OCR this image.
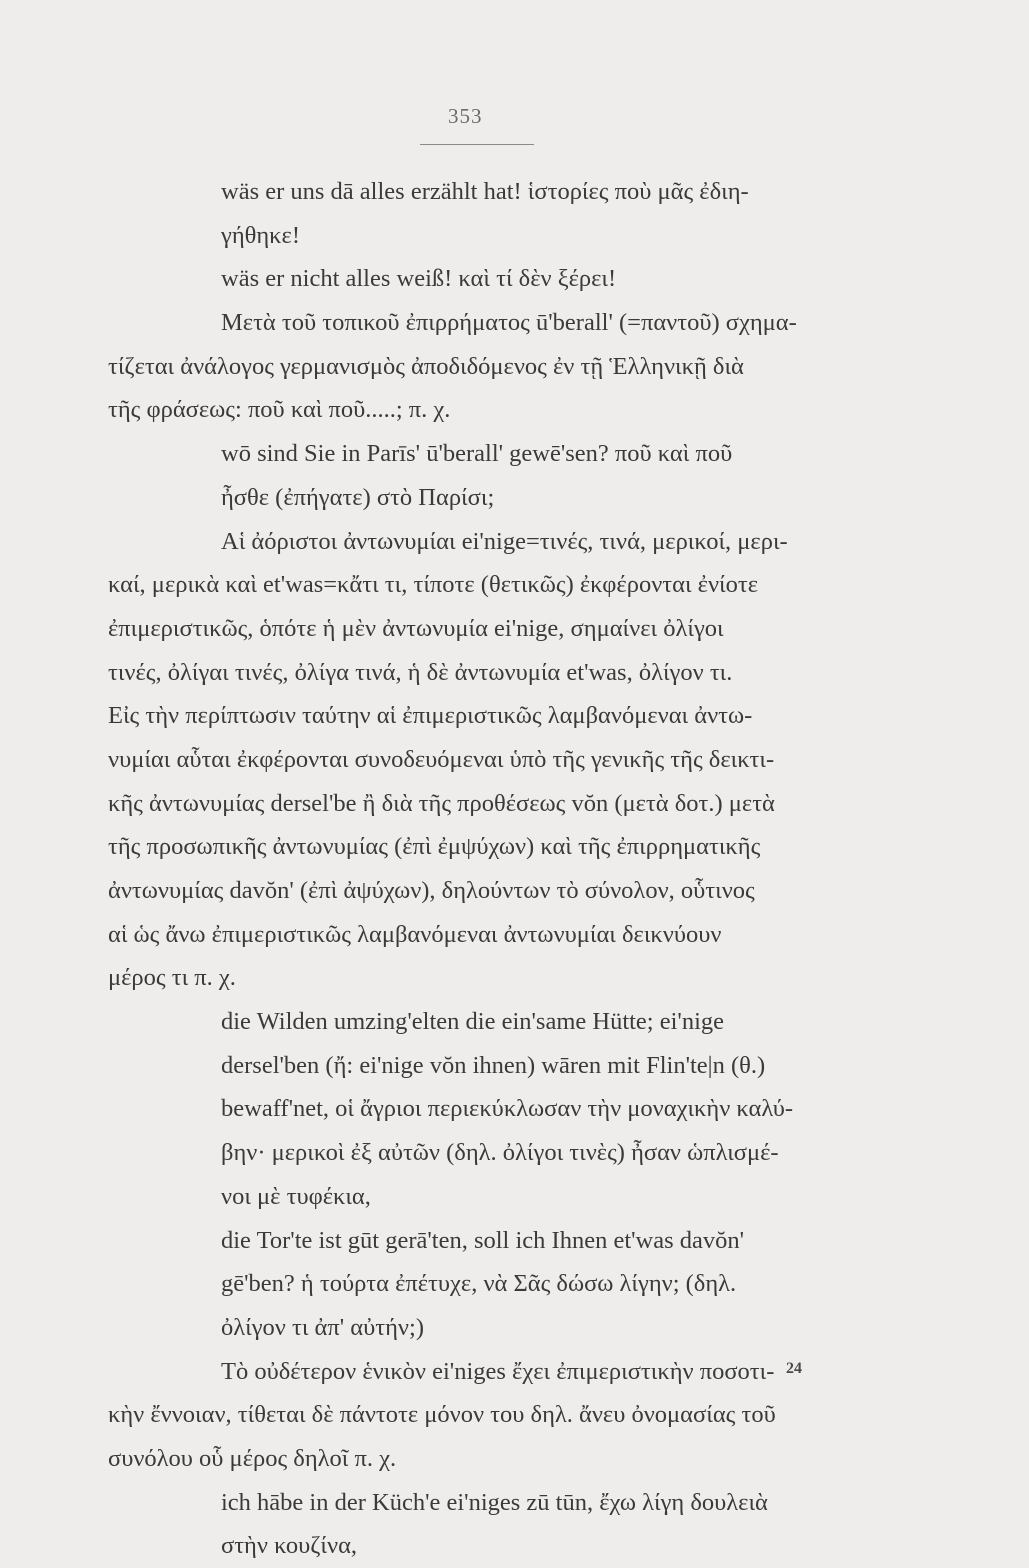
353
wäs er uns dā alles erzählt hat! ἱστορίες ποὺ μᾶς ἐδιη-
γήθηκε!
wäs er nicht alles weiß! καὶ τί δὲν ξέρει!
Μετὰ τοῦ τοπικοῦ ἐπιρρήματος ū'berall' (=παντοῦ) σχημα-
τίζεται ἀνάλογος γερμανισμὸς ἀποδιδόμενος ἐν τῇ Ἑλληνικῇ διὰ
τῆς φράσεως: ποῦ καὶ ποῦ.....; π. χ.
wō sind Sie in Parīs' ū'berall' gewē'sen? ποῦ καὶ ποῦ
ἦσθε (ἐπήγατε) στὸ Παρίσι;
Αἱ ἀόριστοι ἀντωνυμίαι ei'nige=τινές, τινά, μερικοί, μερι-
καί, μερικὰ καὶ et'was=κἄτι τι, τίποτε (θετικῶς) ἐκφέρονται ἐνίοτε
ἐπιμεριστικῶς, ὁπότε ἡ μὲν ἀντωνυμία ei'nige, σημαίνει ὀλίγοι
τινές, ὀλίγαι τινές, ὀλίγα τινά, ἡ δὲ ἀντωνυμία et'was, ὀλίγον τι.
Εἰς τὴν περίπτωσιν ταύτην αἱ ἐπιμεριστικῶς λαμβανόμεναι ἀντω-
νυμίαι αὗται ἐκφέρονται συνοδευόμεναι ὑπὸ τῆς γενικῆς τῆς δεικτι-
κῆς ἀντωνυμίας dersel'be ἢ διὰ τῆς προθέσεως vŏn (μετὰ δοτ.) μετὰ
τῆς προσωπικῆς ἀντωνυμίας (ἐπὶ ἐμψύχων) καὶ τῆς ἐπιρρηματικῆς
ἀντωνυμίας davŏn' (ἐπὶ ἀψύχων), δηλούντων τὸ σύνολον, οὗτινος
αἱ ὡς ἄνω ἐπιμεριστικῶς λαμβανόμεναι ἀντωνυμίαι δεικνύουν
μέρος τι π. χ.
die Wilden umzing'elten die ein'same Hütte; ei'nige
dersel'ben (ἤ: ei'nige vŏn ihnen) wāren mit Flin'te|n (θ.)
bewaff'net, οἱ ἄγριοι περιεκύκλωσαν τὴν μοναχικὴν καλύ-
βην· μερικοὶ ἐξ αὐτῶν (δηλ. ὀλίγοι τινὲς) ἦσαν ὡπλισμέ-
νοι μὲ τυφέκια,
die Tor'te ist gūt gerā'ten, soll ich Ihnen et'was davŏn'
gē'ben? ἡ τούρτα ἐπέτυχε, νὰ Σᾶς δώσω λίγην; (δηλ.
ὀλίγον τι ἀπ' αὐτήν;)
Τὸ οὐδέτερον ἑνικὸν ei'niges ἔχει ἐπιμεριστικὴν ποσοτι-
κὴν ἔννοιαν, τίθεται δὲ πάντοτε μόνον του δηλ. ἄνευ ὀνομασίας τοῦ
συνόλου οὗ μέρος δηλοῖ π. χ.
ich hābe in der Küch'e ei'niges zū tūn, ἔχω λίγη δουλειὰ
στὴν κουζίνα,
24
